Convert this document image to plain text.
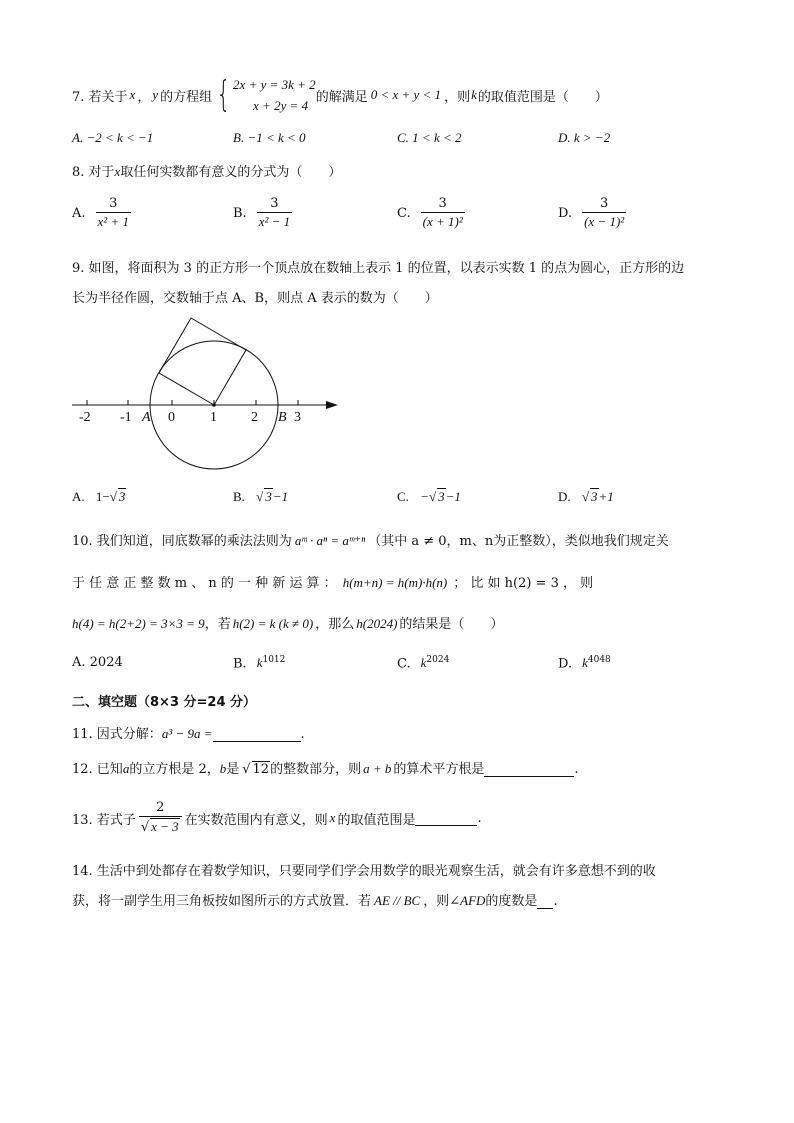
7. 若关于 x ， y 的方程组 { 2x + y = 3k + 2
x + 2y = 4
的解满足 0 < x + y < 1 ，则 k 的取值范围是（　　）
A. −2 < k < −1	B. −1 < k < 0	C. 1 < k < 2	D. k > −2
8. 对于x取任何实数都有意义的分式为（　　）
A. $\frac{3}{\text{x² + 1}}$	B. $\frac{3}{\text{x² − 1}}$	C. $\frac{3}{\text{(x + 1)²}}$	D. $\frac{3}{\text{(x − 1)²}}$
9. 如图，将面积为 3 的正方形一个顶点放在数轴上表示 1 的位置，以表示实数 1 的点为圆心，正方形的边
长为半径作圆，交数轴于点 A、B，则点 A 表示的数为（　　）
-2 -1	0	1 2	3
A	B
A. 1−√ 3	B. √ 3−1	C. −√ 3−1	D. √ 3+1
10. 我们知道，同底数幂的乘法法则为 aᵐ · aⁿ = aᵐ⁺ⁿ （其中 a ≠ 0，m、n为正整数），类似地我们规定关
于 任 意 正 整 数 m 、 n 的 一 种 新 运 算 ： h(m+n) = h(m)·h(n) ； 比 如 h(2) = 3 ， 则
h(4) = h(2+2) = 3×3 = 9，若 h(2) = k (k ≠ 0) ，那么 h(2024) 的结果是（　　）
A. 2024	B. $k^{1012}$	C. $k^{2024}$	D. $k^{4048}$
二、填空题（8×3 分=24 分）
11. 因式分解：a³ − 9a =	.
12. 已知a的立方根是 2，b是 √ 12的整数部分，则 a + b 的算术平方根是	.
13. 若式子 $\frac{2}{√ x - 3}$ 在实数范围内有意义，则 x 的取值范围是	.
14. 生活中到处都存在着数学知识，只要同学们学会用数学的眼光观察生活，就会有许多意想不到的收
获，将一副学生用三角板按如图所示的方式放置．若 AE // BC ，则∠AFD的度数是 .
